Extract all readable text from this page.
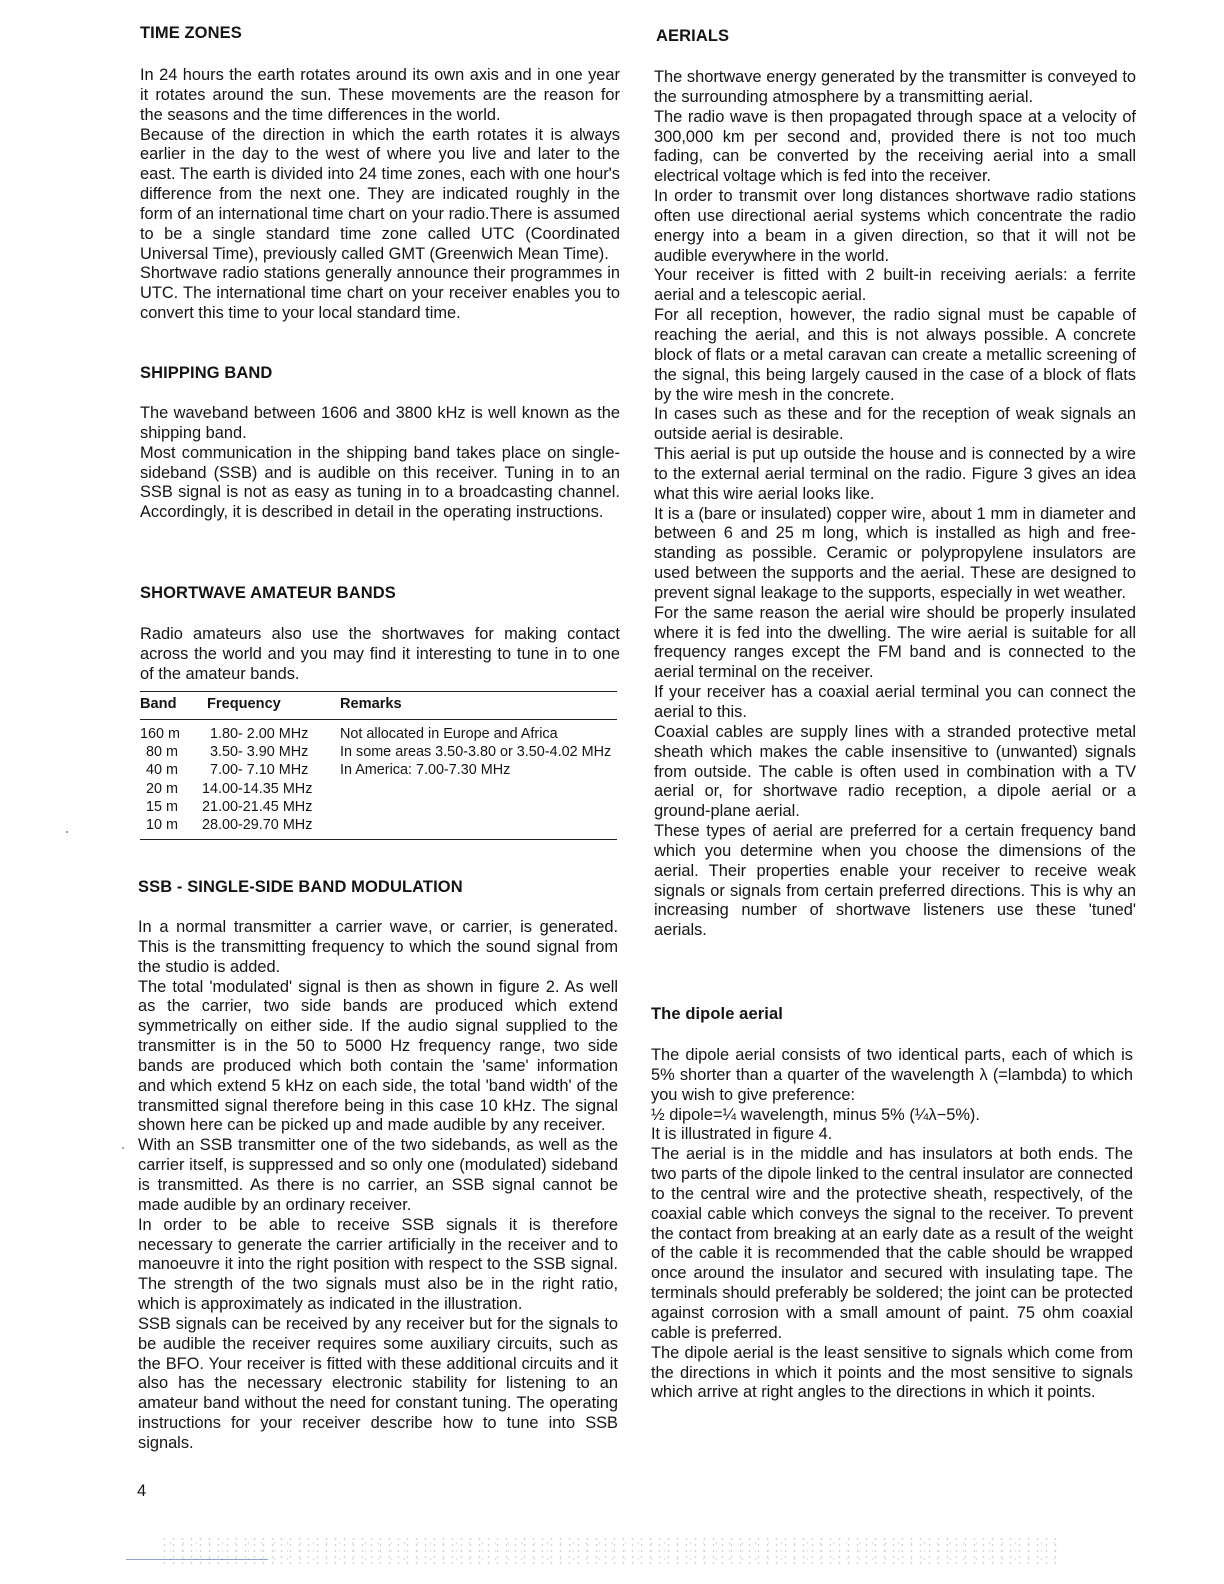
TIME ZONES

In 24 hours the earth rotates around its own axis and in one year it rotates around the sun. These movements are the reason for the seasons and the time differences in the world.
Because of the direction in which the earth rotates it is always earlier in the day to the west of where you live and later to the east. The earth is divided into 24 time zones, each with one hour's difference from the next one. They are indicated roughly in the form of an international time chart on your radio.There is assumed to be a single standard time zone called UTC (Coordinated Universal Time), previously called GMT (Greenwich Mean Time).
Shortwave radio stations generally announce their programmes in UTC. The international time chart on your receiver enables you to convert this time to your local standard time.

SHIPPING BAND

The waveband between 1606 and 3800 kHz is well known as the shipping band.
Most communication in the shipping band takes place on single-sideband (SSB) and is audible on this receiver. Tuning in to an SSB signal is not as easy as tuning in to a broadcasting channel. Accordingly, it is described in detail in the operating instructions.

SHORTWAVE AMATEUR BANDS

Radio amateurs also use the shortwaves for making contact across the world and you may find it interesting to tune in to one of the amateur bands.

Band	Frequency	Remarks
160 m	1.80- 2.00 MHz	Not allocated in Europe and Africa
80 m	3.50- 3.90 MHz	In some areas 3.50-3.80 or 3.50-4.02 MHz
40 m	7.00- 7.10 MHz	In America: 7.00-7.30 MHz
20 m	14.00-14.35 MHz	
15 m	21.00-21.45 MHz	
10 m	28.00-29.70 MHz	
SSB - SINGLE-SIDE BAND MODULATION

In a normal transmitter a carrier wave, or carrier, is generated. This is the transmitting frequency to which the sound signal from the studio is added.
The total 'modulated' signal is then as shown in figure 2. As well as the carrier, two side bands are produced which extend symmetrically on either side. If the audio signal supplied to the transmitter is in the 50 to 5000 Hz frequency range, two side bands are produced which both contain the 'same' information and which extend 5 kHz on each side, the total 'band width' of the transmitted signal therefore being in this case 10 kHz. The signal shown here can be picked up and made audible by any receiver.
With an SSB transmitter one of the two sidebands, as well as the carrier itself, is suppressed and so only one (modulated) sideband is transmitted. As there is no carrier, an SSB signal cannot be made audible by an ordinary receiver.
In order to be able to receive SSB signals it is therefore necessary to generate the carrier artificially in the receiver and to manoeuvre it into the right position with respect to the SSB signal. The strength of the two signals must also be in the right ratio, which is approximately as indicated in the illustration.
SSB signals can be received by any receiver but for the signals to be audible the receiver requires some auxiliary circuits, such as the BFO. Your receiver is fitted with these additional circuits and it also has the necessary electronic stability for listening to an amateur band without the need for constant tuning. The operating instructions for your receiver describe how to tune into SSB signals.

4
AERIALS

The shortwave energy generated by the transmitter is conveyed to the surrounding atmosphere by a transmitting aerial.
The radio wave is then propagated through space at a velocity of 300,000 km per second and, provided there is not too much fading, can be converted by the receiving aerial into a small electrical voltage which is fed into the receiver.
In order to transmit over long distances shortwave radio stations often use directional aerial systems which concentrate the radio energy into a beam in a given direction, so that it will not be audible everywhere in the world.
Your receiver is fitted with 2 built-in receiving aerials: a ferrite aerial and a telescopic aerial.
For all reception, however, the radio signal must be capable of reaching the aerial, and this is not always possible. A concrete block of flats or a metal caravan can create a metallic screening of the signal, this being largely caused in the case of a block of flats by the wire mesh in the concrete.
In cases such as these and for the reception of weak signals an outside aerial is desirable.
This aerial is put up outside the house and is connected by a wire to the external aerial terminal on the radio. Figure 3 gives an idea what this wire aerial looks like.
It is a (bare or insulated) copper wire, about 1 mm in diameter and between 6 and 25 m long, which is installed as high and free-standing as possible. Ceramic or polypropylene insulators are used between the supports and the aerial. These are designed to prevent signal leakage to the supports, especially in wet weather.
For the same reason the aerial wire should be properly insulated where it is fed into the dwelling. The wire aerial is suitable for all frequency ranges except the FM band and is connected to the aerial terminal on the receiver.
If your receiver has a coaxial aerial terminal you can connect the aerial to this.
Coaxial cables are supply lines with a stranded protective metal sheath which makes the cable insensitive to (unwanted) signals from outside. The cable is often used in combination with a TV aerial or, for shortwave radio reception, a dipole aerial or a ground-plane aerial.
These types of aerial are preferred for a certain frequency band which you determine when you choose the dimensions of the aerial. Their properties enable your receiver to receive weak signals or signals from certain preferred directions. This is why an increasing number of shortwave listeners use these 'tuned' aerials.

The dipole aerial

The dipole aerial consists of two identical parts, each of which is 5% shorter than a quarter of the wavelength λ (=lambda) to which you wish to give preference:
½ dipole=¼ wavelength, minus 5% (¼λ−5%).
It is illustrated in figure 4.
The aerial is in the middle and has insulators at both ends. The two parts of the dipole linked to the central insulator are connected to the central wire and the protective sheath, respectively, of the coaxial cable which conveys the signal to the receiver. To prevent the contact from breaking at an early date as a result of the weight of the cable it is recommended that the cable should be wrapped once around the insulator and secured with insulating tape. The terminals should preferably be soldered; the joint can be protected against corrosion with a small amount of paint. 75 ohm coaxial cable is preferred.
The dipole aerial is the least sensitive to signals which come from the directions in which it points and the most sensitive to signals which arrive at right angles to the directions in which it points.
